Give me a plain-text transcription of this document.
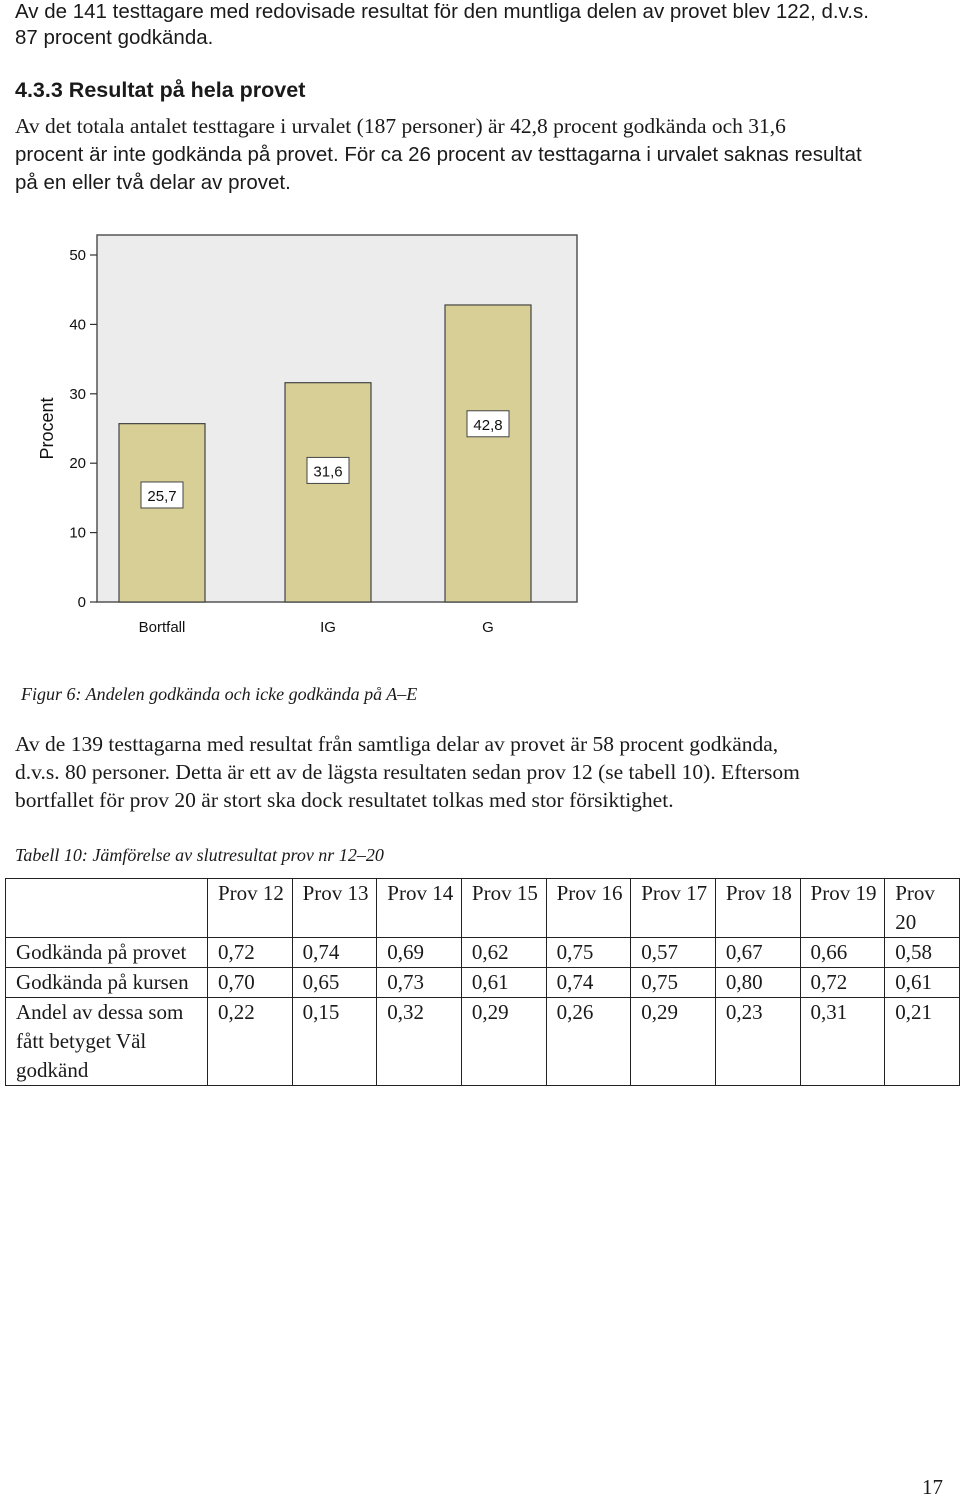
Av de 141 testtagare med redovisade resultat för den muntliga delen av provet blev 122, d.v.s.
87 procent godkända.
4.3.3 Resultat på hela provet
Av det totala antalet testtagare i urvalet (187 personer) är 42,8 procent godkända och 31,6
procent är inte godkända på provet. För ca 26 procent av testtagarna i urvalet saknas resultat
på en eller två delar av provet.
0
10
20
30
40
50
Procent
25,7
Bortfall
31,6
IG
42,8
G
Figur 6: Andelen godkända och icke godkända på A–E
Av de 139 testtagarna med resultat från samtliga delar av provet är 58 procent godkända,
d.v.s. 80 personer. Detta är ett av de lägsta resultaten sedan prov 12 (se tabell 10). Eftersom
bortfallet för prov 20 är stort ska dock resultatet tolkas med stor försiktighet.
Tabell 10: Jämförelse av slutresultat prov nr 12–20
	Prov 12	Prov 13	Prov 14	Prov 15	Prov 16	Prov 17	Prov 18	Prov 19	Prov 20
Godkända på provet	0,72	0,74	0,69	0,62	0,75	0,57	0,67	0,66	0,58
Godkända på kursen	0,70	0,65	0,73	0,61	0,74	0,75	0,80	0,72	0,61
Andel av dessa som fått betyget Väl godkänd	0,22	0,15	0,32	0,29	0,26	0,29	0,23	0,31	0,21
17
